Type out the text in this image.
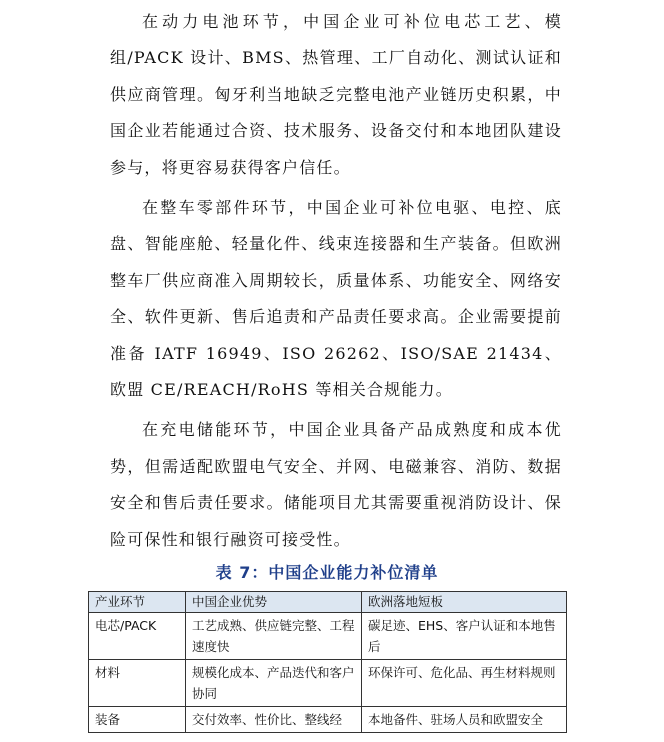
在动力电池环节，中国企业可补位电芯工艺、模组/PACK 设计、BMS、热管理、工厂自动化、测试认证和供应商管理。匈牙利当地缺乏完整电池产业链历史积累，中国企业若能通过合资、技术服务、设备交付和本地团队建设参与，将更容易获得客户信任。

在整车零部件环节，中国企业可补位电驱、电控、底盘、智能座舱、轻量化件、线束连接器和生产装备。但欧洲整车厂供应商准入周期较长，质量体系、功能安全、网络安全、软件更新、售后追责和产品责任要求高。企业需要提前准备 IATF 16949、ISO 26262、ISO/SAE 21434、欧盟 CE/REACH/RoHS 等相关合规能力。

在充电储能环节，中国企业具备产品成熟度和成本优势，但需适配欧盟电气安全、并网、电磁兼容、消防、数据安全和售后责任要求。储能项目尤其需要重视消防设计、保险可保性和银行融资可接受性。

表 7：中国企业能力补位清单
产业环节	中国企业优势	欧洲落地短板
电芯/PACK	工艺成熟、供应链完整、工程速度快	碳足迹、EHS、客户认证和本地售后
材料	规模化成本、产品迭代和客户协同	环保许可、危化品、再生材料规则
装备	交付效率、性价比、整线经	本地备件、驻场人员和欧盟安全
